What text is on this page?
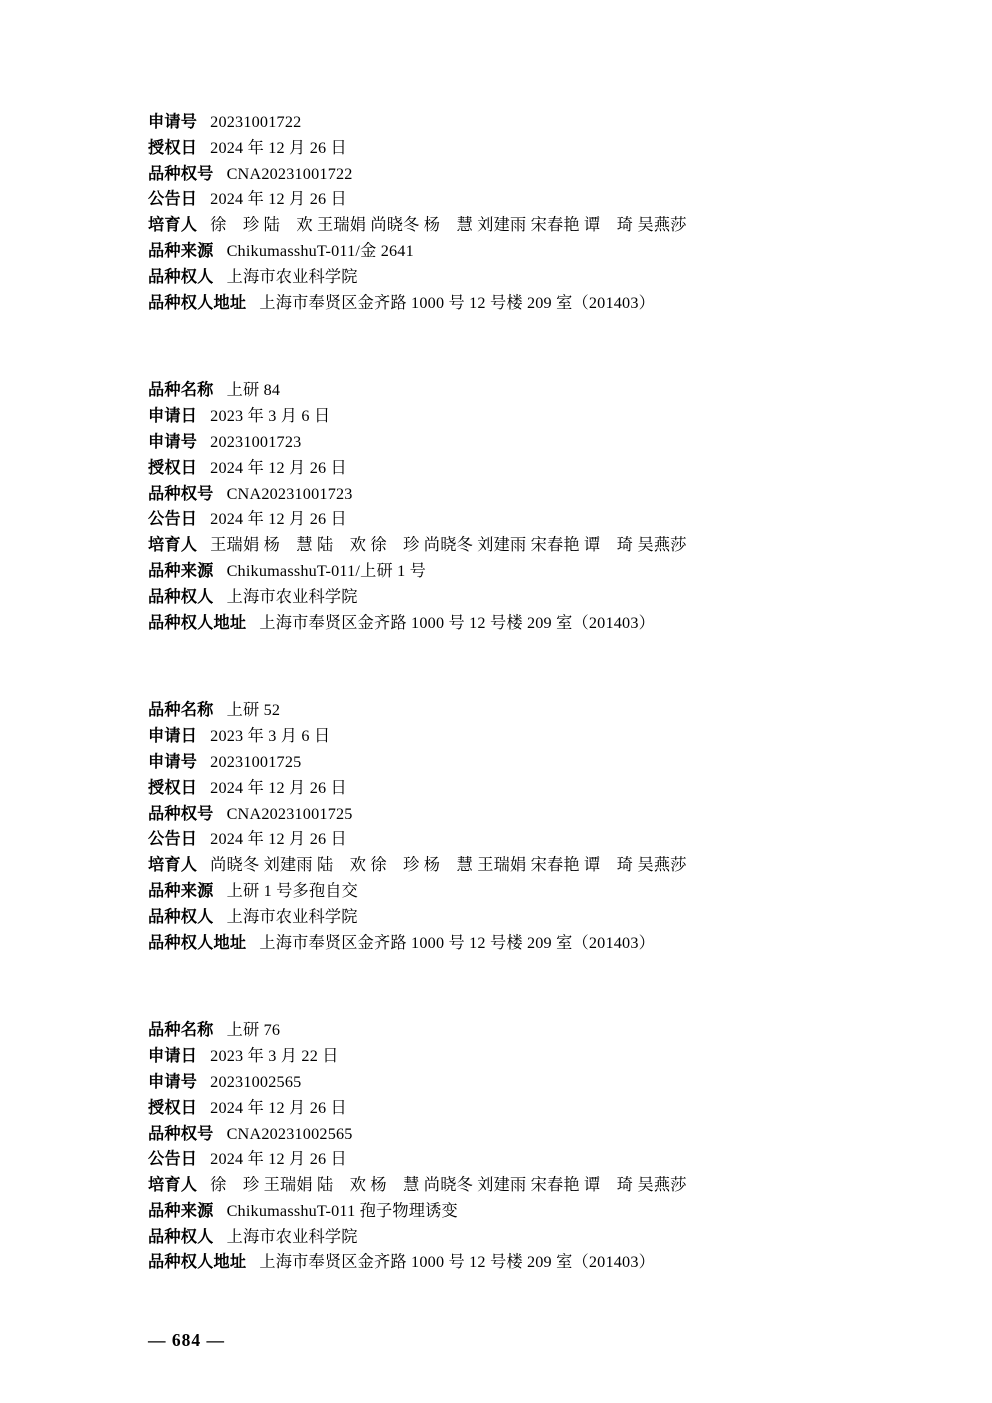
申请号 20231001722
授权日 2024 年 12 月 26 日
品种权号 CNA20231001722
公告日 2024 年 12 月 26 日
培育人 徐　珍 陆　欢 王瑞娟 尚晓冬 杨　慧 刘建雨 宋春艳 谭　琦 吴燕莎
品种来源 ChikumasshuT-011/金 2641
品种权人 上海市农业科学院
品种权人地址 上海市奉贤区金齐路 1000 号 12 号楼 209 室（201403）
品种名称 上研 84
申请日 2023 年 3 月 6 日
申请号 20231001723
授权日 2024 年 12 月 26 日
品种权号 CNA20231001723
公告日 2024 年 12 月 26 日
培育人 王瑞娟 杨　慧 陆　欢 徐　珍 尚晓冬 刘建雨 宋春艳 谭　琦 吴燕莎
品种来源 ChikumasshuT-011/上研 1 号
品种权人 上海市农业科学院
品种权人地址 上海市奉贤区金齐路 1000 号 12 号楼 209 室（201403）
品种名称 上研 52
申请日 2023 年 3 月 6 日
申请号 20231001725
授权日 2024 年 12 月 26 日
品种权号 CNA20231001725
公告日 2024 年 12 月 26 日
培育人 尚晓冬 刘建雨 陆　欢 徐　珍 杨　慧 王瑞娟 宋春艳 谭　琦 吴燕莎
品种来源 上研 1 号多孢自交
品种权人 上海市农业科学院
品种权人地址 上海市奉贤区金齐路 1000 号 12 号楼 209 室（201403）
品种名称 上研 76
申请日 2023 年 3 月 22 日
申请号 20231002565
授权日 2024 年 12 月 26 日
品种权号 CNA20231002565
公告日 2024 年 12 月 26 日
培育人 徐　珍 王瑞娟 陆　欢 杨　慧 尚晓冬 刘建雨 宋春艳 谭　琦 吴燕莎
品种来源 ChikumasshuT-011 孢子物理诱变
品种权人 上海市农业科学院
品种权人地址 上海市奉贤区金齐路 1000 号 12 号楼 209 室（201403）
— 684 —
